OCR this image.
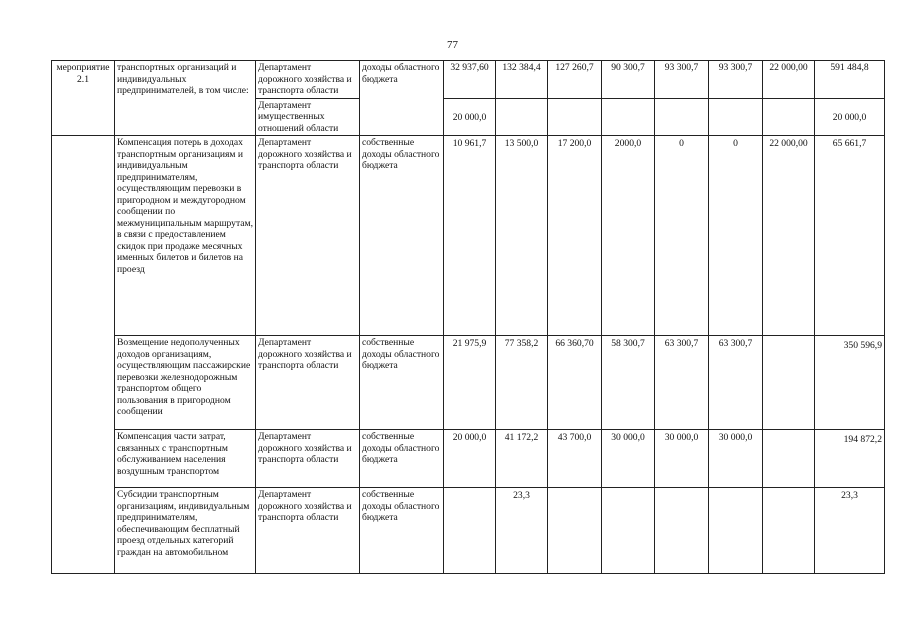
77
мероприятие 2.1	транспортных организаций и индивидуальных предпринимателей, в том числе:	Департамент дорожного хозяйства и транспорта области	доходы областного бюджета	32 937,60	132 384,4	127 260,7	90 300,7	93 300,7	93 300,7	22 000,00	591 484,8
		Департамент имущественных отношений области		20 000,0							20 000,0
	Компенсация потерь в доходах транспортным организациям и индивидуальным предпринимателям, осуществляющим перевозки в пригородном и междугородном сообщении по межмуниципальным маршрутам, в связи с предоставлением скидок при продаже месячных именных билетов и билетов на проезд	Департамент дорожного хозяйства и транспорта области	собственные доходы областного бюджета	10 961,7	13 500,0	17 200,0	2000,0	0	0	22 000,00	65 661,7
	Возмещение недополученных доходов организациям, осуществляющим пассажирские перевозки железнодорожным транспортом общего пользования в пригородном сообщении	Департамент дорожного хозяйства и транспорта области	собственные доходы областного бюджета	21 975,9	77 358,2	66 360,70	58 300,7	63 300,7	63 300,7		350 596,9
	Компенсация части затрат, связанных с транспортным обслуживанием населения воздушным транспортом	Департамент дорожного хозяйства и транспорта области	собственные доходы областного бюджета	20 000,0	41 172,2	43 700,0	30 000,0	30 000,0	30 000,0		194 872,2
	Субсидии транспортным организациям, индивидуальным предпринимателям, обеспечивающим бесплатный проезд отдельных категорий граждан на автомобильном	Департамент дорожного хозяйства и транспорта области	собственные доходы областного бюджета		23,3						23,3
